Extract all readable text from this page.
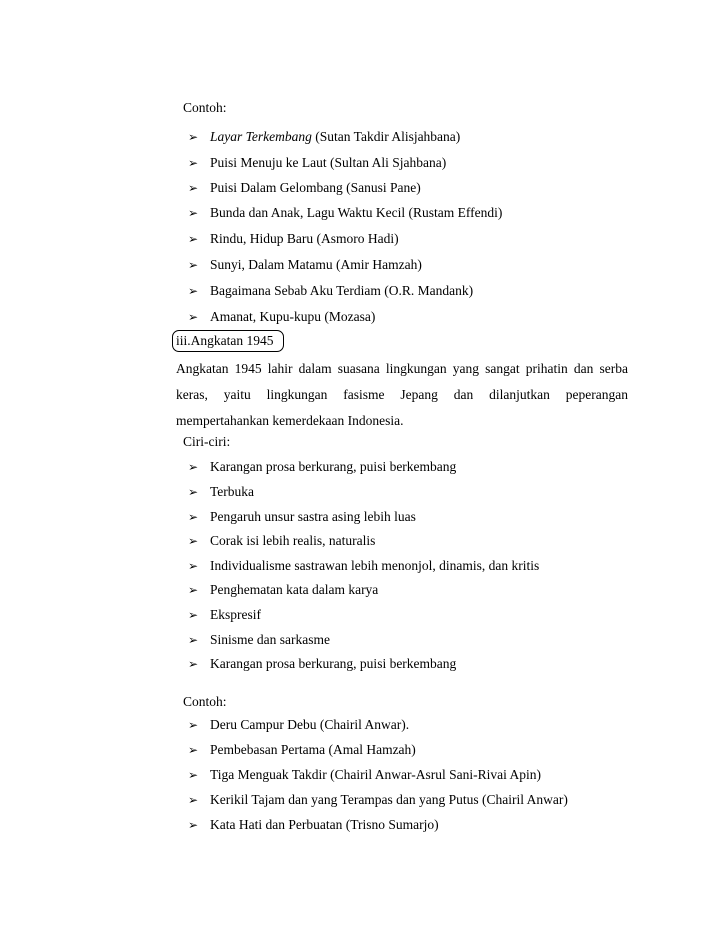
Contoh:
➢ Layar Terkembang (Sutan Takdir Alisjahbana)
➢ Puisi Menuju ke Laut (Sultan Ali Sjahbana)
➢ Puisi Dalam Gelombang (Sanusi Pane)
➢ Bunda dan Anak, Lagu Waktu Kecil (Rustam Effendi)
➢ Rindu, Hidup Baru (Asmoro Hadi)
➢ Sunyi, Dalam Matamu (Amir Hamzah)
➢ Bagaimana Sebab Aku Terdiam (O.R. Mandank)
➢ Amanat, Kupu-kupu (Mozasa)
iii.Angkatan 1945
Angkatan 1945 lahir dalam suasana lingkungan yang sangat prihatin dan serba
keras, yaitu lingkungan fasisme Jepang dan dilanjutkan peperangan
mempertahankan kemerdekaan Indonesia.
Ciri-ciri:
➢ Karangan prosa berkurang, puisi berkembang
➢ Terbuka
➢ Pengaruh unsur sastra asing lebih luas
➢ Corak isi lebih realis, naturalis
➢ Individualisme sastrawan lebih menonjol, dinamis, dan kritis
➢ Penghematan kata dalam karya
➢ Ekspresif
➢ Sinisme dan sarkasme
➢ Karangan prosa berkurang, puisi berkembang
Contoh:
➢ Deru Campur Debu (Chairil Anwar).
➢ Pembebasan Pertama (Amal Hamzah)
➢ Tiga Menguak Takdir (Chairil Anwar-Asrul Sani-Rivai Apin)
➢ Kerikil Tajam dan yang Terampas dan yang Putus (Chairil Anwar)
➢ Kata Hati dan Perbuatan (Trisno Sumarjo)
